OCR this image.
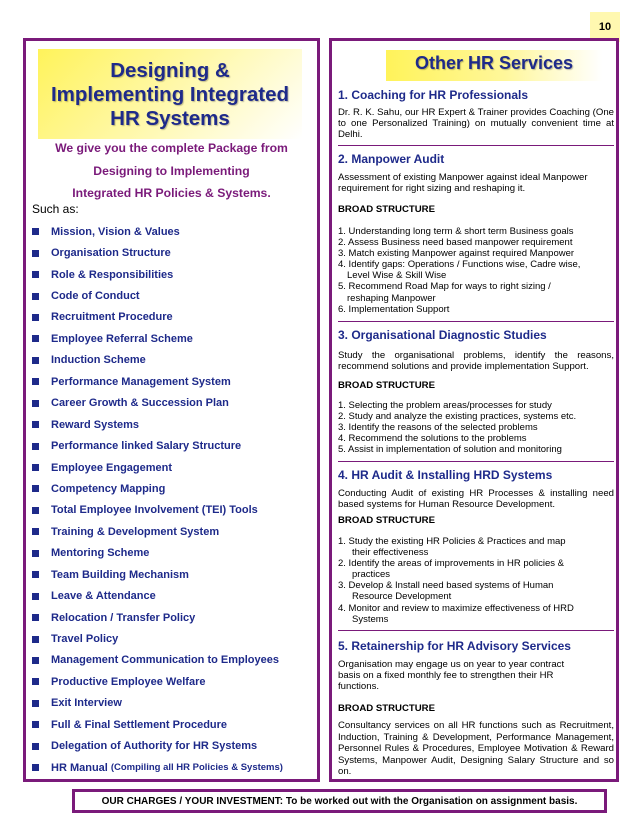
10
Designing &
Implementing Integrated
HR Systems
We give you the complete Package from
Designing to Implementing
Integrated HR Policies & Systems.
Such as:
Mission, Vision & Values
Organisation Structure
Role & Responsibilities
Code of Conduct
Recruitment Procedure
Employee Referral Scheme
Induction Scheme
Performance Management System
Career Growth & Succession Plan
Reward Systems
Performance linked Salary Structure
Employee Engagement
Competency Mapping
Total Employee Involvement (TEI) Tools
Training & Development System
Mentoring Scheme
Team Building Mechanism
Leave & Attendance
Relocation / Transfer Policy
Travel Policy
Management Communication to Employees
Productive Employee Welfare
Exit Interview
Full & Final Settlement Procedure
Delegation of Authority for HR Systems
HR Manual (Compiling all HR Policies & Systems)
Other HR Services
1. Coaching for HR Professionals
Dr. R. K. Sahu, our HR Expert & Trainer provides Coaching (One to one Personalized Training) on mutually convenient time at Delhi.
2. Manpower Audit
Assessment of existing Manpower against ideal Manpower requirement for right sizing and reshaping it.
BROAD STRUCTURE
1. Understanding long term & short term Business goals
2. Assess Business need based manpower requirement
3. Match existing Manpower against required Manpower
4. Identify gaps: Operations / Functions wise, Cadre wise,
Level Wise & Skill Wise
5. Recommend Road Map for ways to right sizing /
reshaping Manpower
6. Implementation Support
3. Organisational Diagnostic Studies
Study the organisational problems, identify the reasons, recommend solutions and provide implementation Support.
BROAD STRUCTURE
1. Selecting the problem areas/processes for study
2. Study and analyze the existing practices, systems etc.
3. Identify the reasons of the selected problems
4. Recommend the solutions to the problems
5. Assist in implementation of solution and monitoring
4. HR Audit & Installing HRD Systems
Conducting Audit of existing HR Processes & installing need based systems for Human Resource Development.
BROAD STRUCTURE
1. Study the existing HR Policies & Practices and map
their effectiveness
2. Identify the areas of improvements in HR policies &
practices
3. Develop & Install need based systems of Human
Resource Development
4. Monitor and review to maximize effectiveness of HRD
Systems
5. Retainership for HR Advisory Services
Organisation may engage us on year to year contract
basis on a fixed monthly fee to strengthen their HR
functions.
BROAD STRUCTURE
Consultancy services on all HR functions such as Recruitment, Induction, Training & Development, Performance Management, Personnel Rules & Procedures, Employee Motivation & Reward Systems, Manpower Audit, Designing Salary Structure and so on.
OUR CHARGES / YOUR INVESTMENT: To be worked out with the Organisation on assignment basis.
